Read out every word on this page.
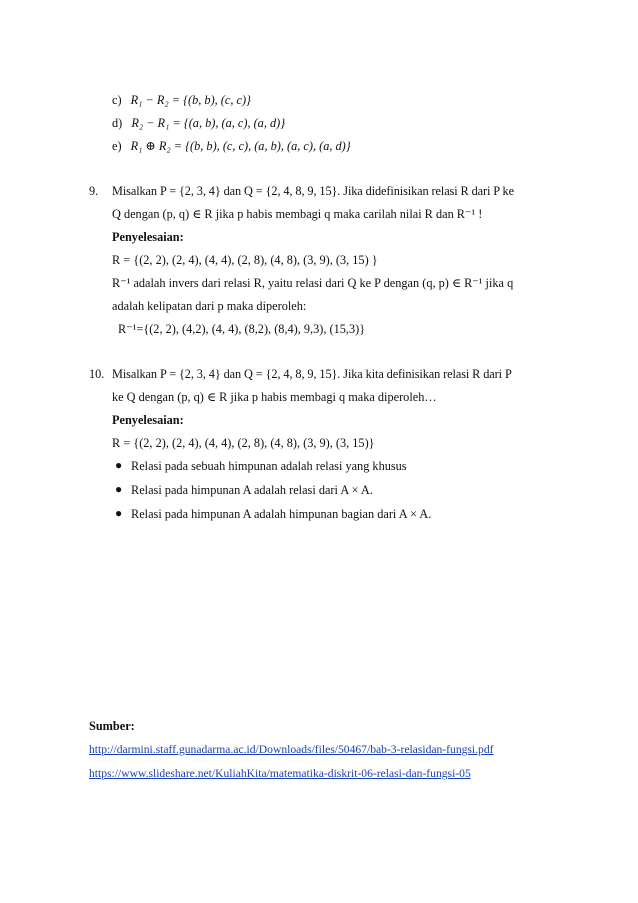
c) R₁ − R₂ = {(b, b), (c, c)}
d) R₂ − R₁ = {(a, b), (a, c), (a, d)}
e) R₁ ⊕ R₂ = {(b, b), (c, c), (a, b), (a, c), (a, d)}
9. Misalkan P = {2, 3, 4} dan Q = {2, 4, 8, 9, 15}. Jika didefinisikan relasi R dari P ke
Q dengan (p, q) ∈ R jika p habis membagi q maka carilah nilai R dan R⁻¹ !
Penyelesaian:
R = {(2, 2), (2, 4), (4, 4), (2, 8), (4, 8), (3, 9), (3, 15) }
R⁻¹ adalah invers dari relasi R, yaitu relasi dari Q ke P dengan (q, p) ∈ R⁻¹ jika q
adalah kelipatan dari p maka diperoleh:
R⁻¹={(2, 2), (4,2), (4, 4), (8,2), (8,4), 9,3), (15,3)}
10. Misalkan P = {2, 3, 4} dan Q = {2, 4, 8, 9, 15}. Jika kita definisikan relasi R dari P
ke Q dengan (p, q) ∈ R jika p habis membagi q maka diperoleh…
Penyelesaian:
R = {(2, 2), (2, 4), (4, 4), (2, 8), (4, 8), (3, 9), (3, 15)}
● Relasi pada sebuah himpunan adalah relasi yang khusus
● Relasi pada himpunan A adalah relasi dari A × A.
● Relasi pada himpunan A adalah himpunan bagian dari A × A.
Sumber:
http://darmini.staff.gunadarma.ac.id/Downloads/files/50467/bab-3-relasidan-fungsi.pdf
https://www.slideshare.net/KuliahKita/matematika-diskrit-06-relasi-dan-fungsi-05
